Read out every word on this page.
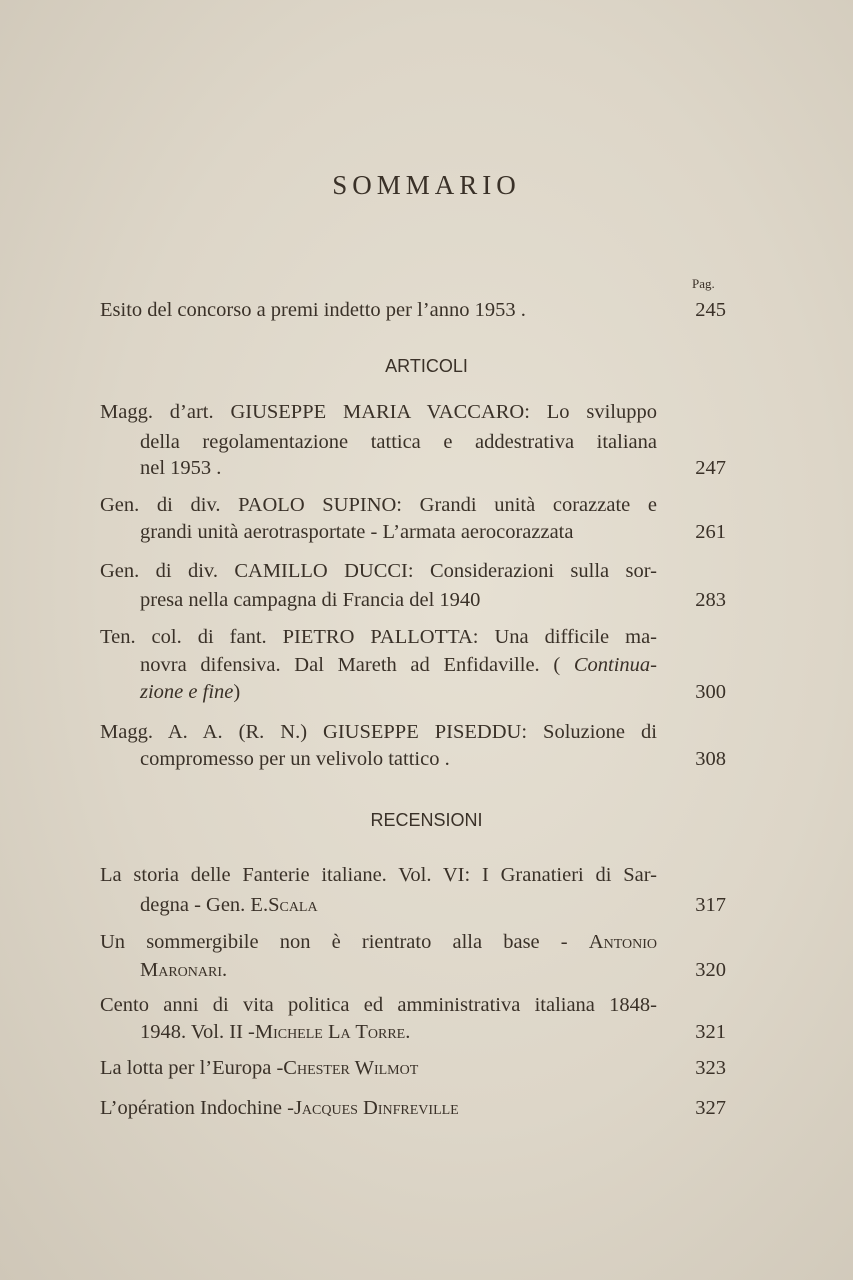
SOMMARIO
Pag.
245
Esito del concorso a premi indetto per l’anno 1953 .
ARTICOLI
Magg. d’art. GIUSEPPE MARIA VACCARO: Lo sviluppo
della regolamentazione tattica e addestrativa italiana
247
nel 1953 .
Gen. di div. PAOLO SUPINO: Grandi unità corazzate e
261
grandi unità aerotrasportate - L’armata aerocorazzata
Gen. di div. CAMILLO DUCCI: Considerazioni sulla sor-
283
presa nella campagna di Francia del 1940
Ten. col. di fant. PIETRO PALLOTTA: Una difficile ma-
novra difensiva. Dal Mareth ad Enfidaville. ( Continua-
300
zione e fine )
Magg. A. A. (R. N.) GIUSEPPE PISEDDU: Soluzione di
308
compromesso per un velivolo tattico .
RECENSIONI
La storia delle Fanterie italiane. Vol. VI: I Granatieri di Sar-
317
degna - Gen. E. Scala
Un sommergibile non è rientrato alla base - Antonio
320
Maronari .
Cento anni di vita politica ed amministrativa italiana 1848-
321
1948. Vol. II - Michele La Torre .
323
La lotta per l’Europa - Chester Wilmot
327
L’opération Indochine - Jacques Dinfreville
